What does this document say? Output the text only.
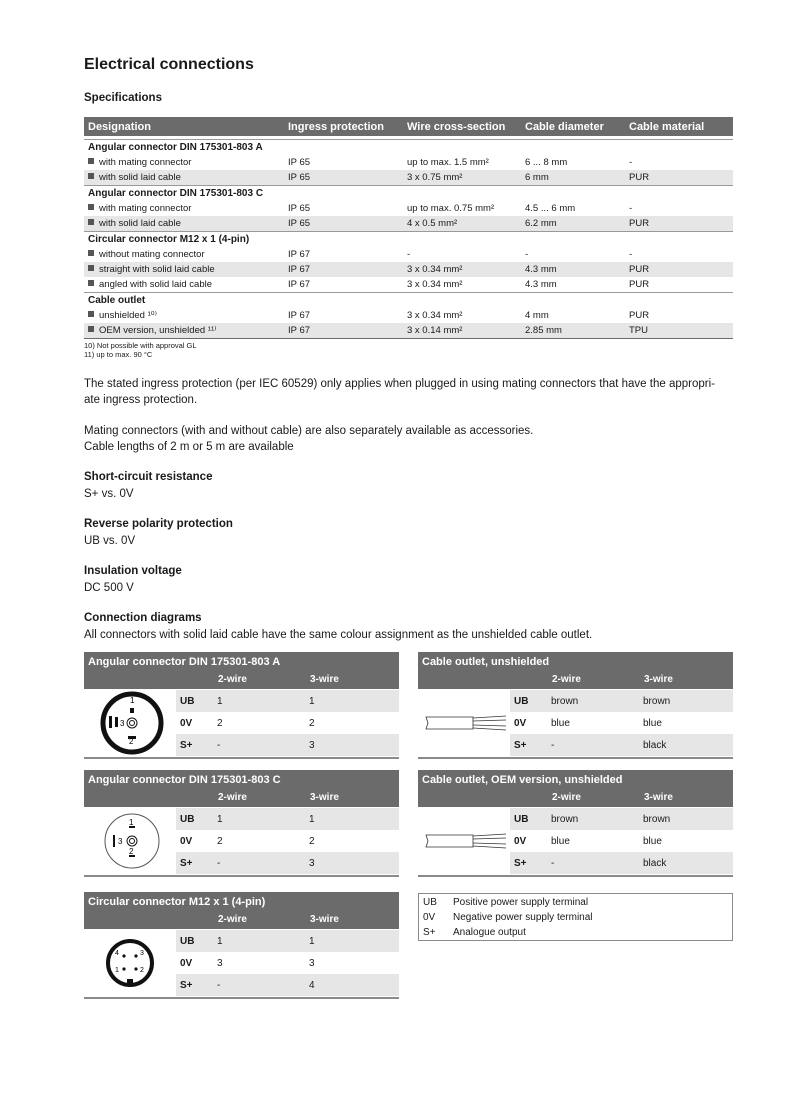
Electrical connections

Specifications

Designation	Ingress protection	Wire cross-section	Cable diameter	Cable material
Angular connector DIN 175301-803 A
with mating connector	IP 65	up to max. 1.5 mm²	6 ... 8 mm	-
with solid laid cable	IP 65	3 x 0.75 mm²	6 mm	PUR
Angular connector DIN 175301-803 C
with mating connector	IP 65	up to max. 0.75 mm²	4.5 ... 6 mm	-
with solid laid cable	IP 65	4 x 0.5 mm²	6.2 mm	PUR
Circular connector M12 x 1 (4-pin)
without mating connector	IP 67	-	-	-
straight with solid laid cable	IP 67	3 x 0.34 mm²	4.3 mm	PUR
angled with solid laid cable	IP 67	3 x 0.34 mm²	4.3 mm	PUR
Cable outlet
unshielded ¹⁰⁾	IP 67	3 x 0.34 mm²	4 mm	PUR
OEM version, unshielded ¹¹⁾	IP 67	3 x 0.14 mm²	2.85 mm	TPU
10) Not possible with approval GL
11) up to max. 90 °C

The stated ingress protection (per IEC 60529) only applies when plugged in using mating connectors that have the appropri- ate ingress protection.

Mating connectors (with and without cable) are also separately available as accessories.

Cable lengths of 2 m or 5 m are available

Short-circuit resistance

S+ vs. 0V

Reverse polarity protection

UB vs. 0V

Insulation voltage

DC 500 V

Connection diagrams

All connectors with solid laid cable have the same colour assignment as the unshielded cable outlet.

Angular connector DIN 175301-803 A
2-wire	3-wire
1
2
3
UB	1	1
0V	2	2
S+	-	3
Cable outlet, unshielded
2-wire	3-wire
UB	brown	brown
0V	blue	blue
S+	-	black
Angular connector DIN 175301-803 C
2-wire	3-wire
1
2
3
UB	1	1
0V	2	2
S+	-	3
Cable outlet, OEM version, unshielded
2-wire	3-wire
UB	brown	brown
0V	blue	blue
S+	-	black
Circular connector M12 x 1 (4-pin)
2-wire	3-wire
1	2
3
4
UB	1	1
0V	3	3
S+	-	4
UB	Positive power supply terminal
0V	Negative power supply terminal
S+	Analogue output
